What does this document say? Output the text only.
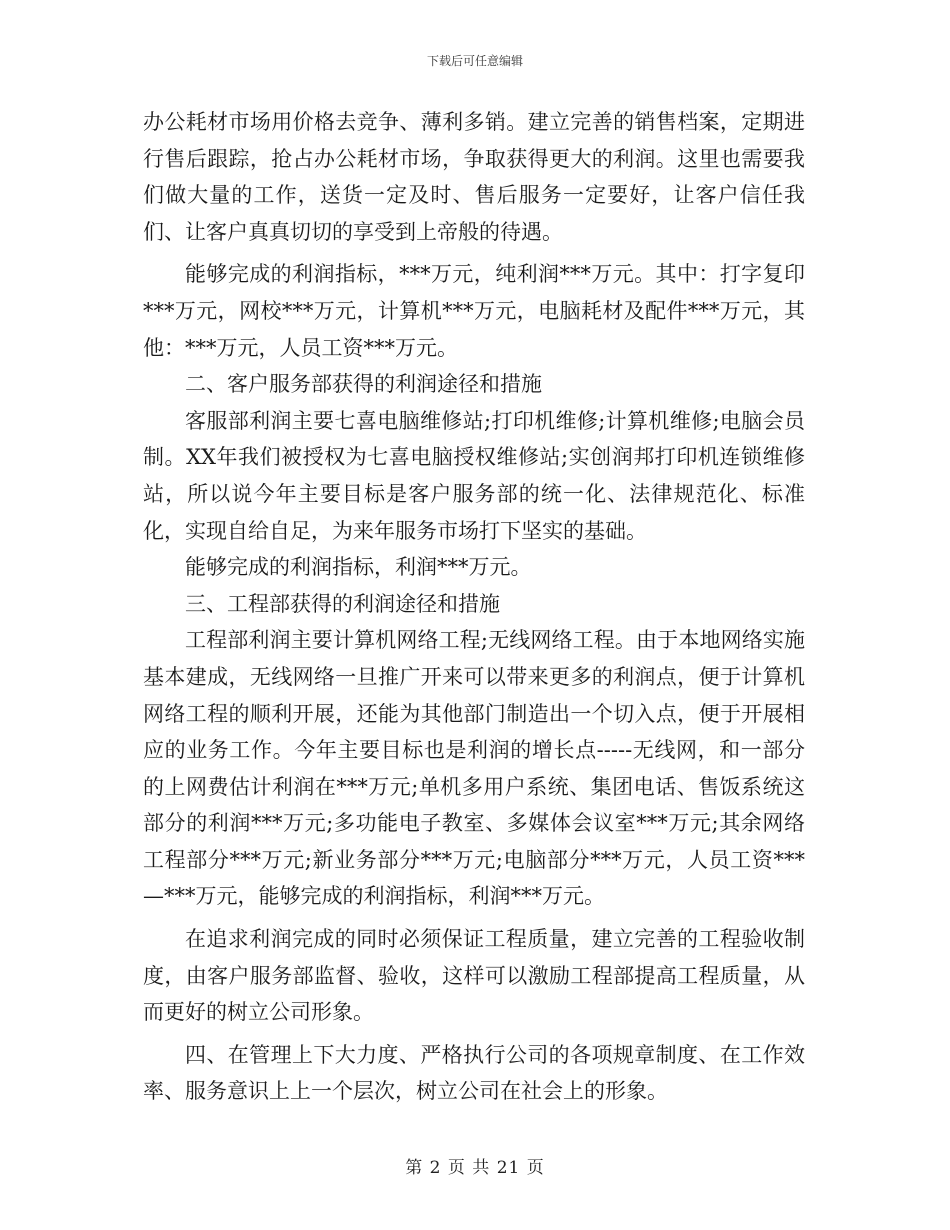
下载后可任意编辑

办公耗材市场用价格去竞争、薄利多销。建立完善的销售档案，定期进行售后跟踪，抢占办公耗材市场，争取获得更大的利润。这里也需要我们做大量的工作，送货一定及时、售后服务一定要好，让客户信任我们、让客户真真切切的享受到上帝般的待遇。

能够完成的利润指标，***万元，纯利润***万元。其中：打字复印***万元，网校***万元，计算机***万元，电脑耗材及配件***万元，其他：***万元，人员工资***万元。

二、客户服务部获得的利润途径和措施

客服部利润主要七喜电脑维修站;打印机维修;计算机维修;电脑会员制。XX年我们被授权为七喜电脑授权维修站;实创润邦打印机连锁维修站，所以说今年主要目标是客户服务部的统一化、法律规范化、标准化，实现自给自足，为来年服务市场打下坚实的基础。

能够完成的利润指标，利润***万元。

三、工程部获得的利润途径和措施

工程部利润主要计算机网络工程;无线网络工程。由于本地网络实施基本建成，无线网络一旦推广开来可以带来更多的利润点，便于计算机网络工程的顺利开展，还能为其他部门制造出一个切入点，便于开展相应的业务工作。今年主要目标也是利润的增长点-----无线网，和一部分的上网费估计利润在***万元;单机多用户系统、集团电话、售饭系统这部分的利润***万元;多功能电子教室、多媒体会议室***万元;其余网络工程部分***万元;新业务部分***万元;电脑部分***万元，人员工资***—***万元，能够完成的利润指标，利润***万元。

在追求利润完成的同时必须保证工程质量，建立完善的工程验收制度，由客户服务部监督、验收，这样可以激励工程部提高工程质量，从而更好的树立公司形象。

四、在管理上下大力度、严格执行公司的各项规章制度、在工作效率、服务意识上上一个层次，树立公司在社会上的形象。

第 2 页 共 21 页
